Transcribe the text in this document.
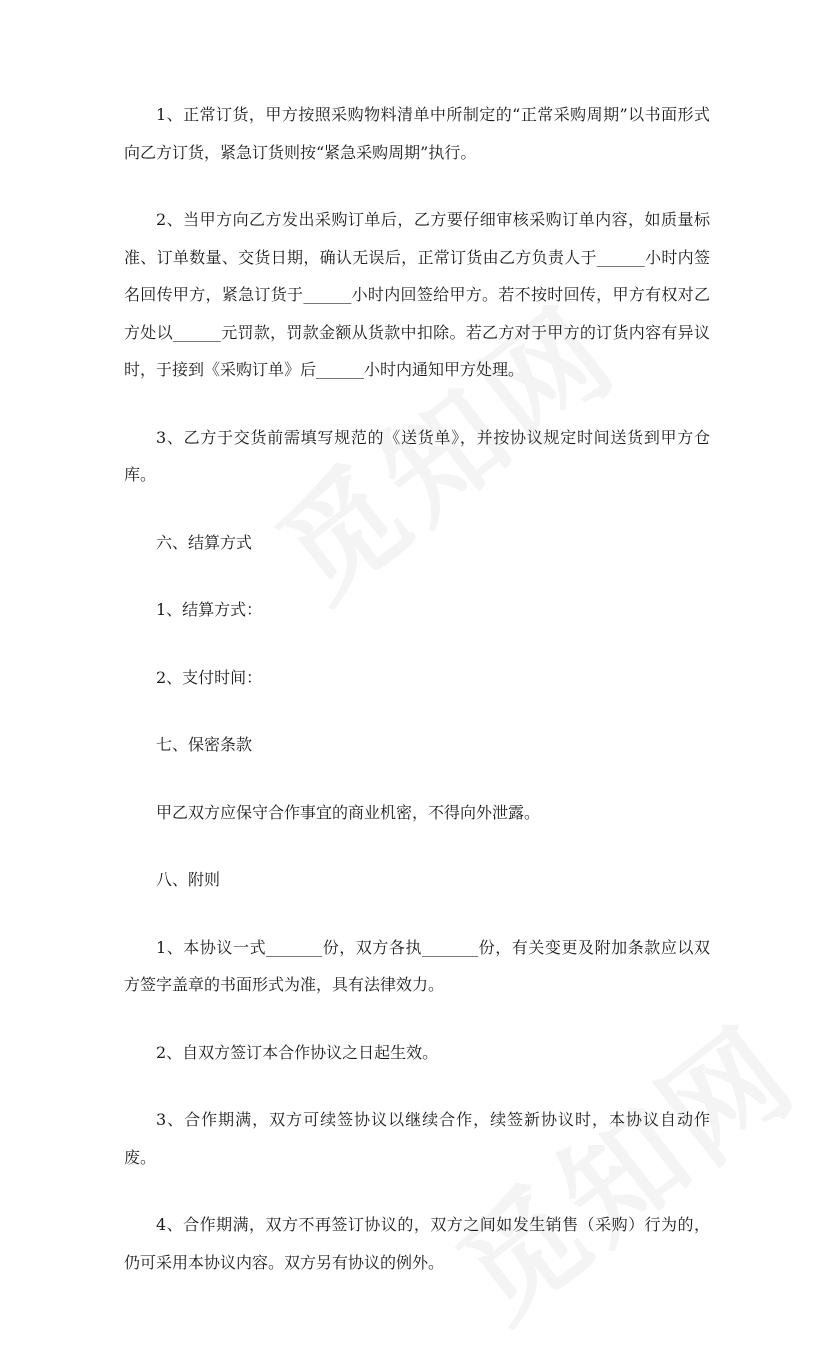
1、正常订货，甲方按照采购物料清单中所制定的“正常采购周期”以书面形式向乙方订货，紧急订货则按“紧急采购周期”执行。

2、当甲方向乙方发出采购订单后，乙方要仔细审核采购订单内容，如质量标准、订单数量、交货日期，确认无误后，正常订货由乙方负责人于______小时内签名回传甲方，紧急订货于______小时内回签给甲方。若不按时回传，甲方有权对乙方处以______元罚款，罚款金额从货款中扣除。若乙方对于甲方的订货内容有异议时，于接到《采购订单》后______小时内通知甲方处理。

3、乙方于交货前需填写规范的《送货单》，并按协议规定时间送货到甲方仓库。

六、结算方式

1、结算方式：

2、支付时间：

七、保密条款

甲乙双方应保守合作事宜的商业机密，不得向外泄露。

八、附则

1、本协议一式_______份，双方各执_______份，有关变更及附加条款应以双方签字盖章的书面形式为准，具有法律效力。

2、自双方签订本合作协议之日起生效。

3、合作期满，双方可续签协议以继续合作，续签新协议时，本协议自动作废。

4、合作期满，双方不再签订协议的，双方之间如发生销售（采购）行为的，仍可采用本协议内容。双方另有协议的例外。
